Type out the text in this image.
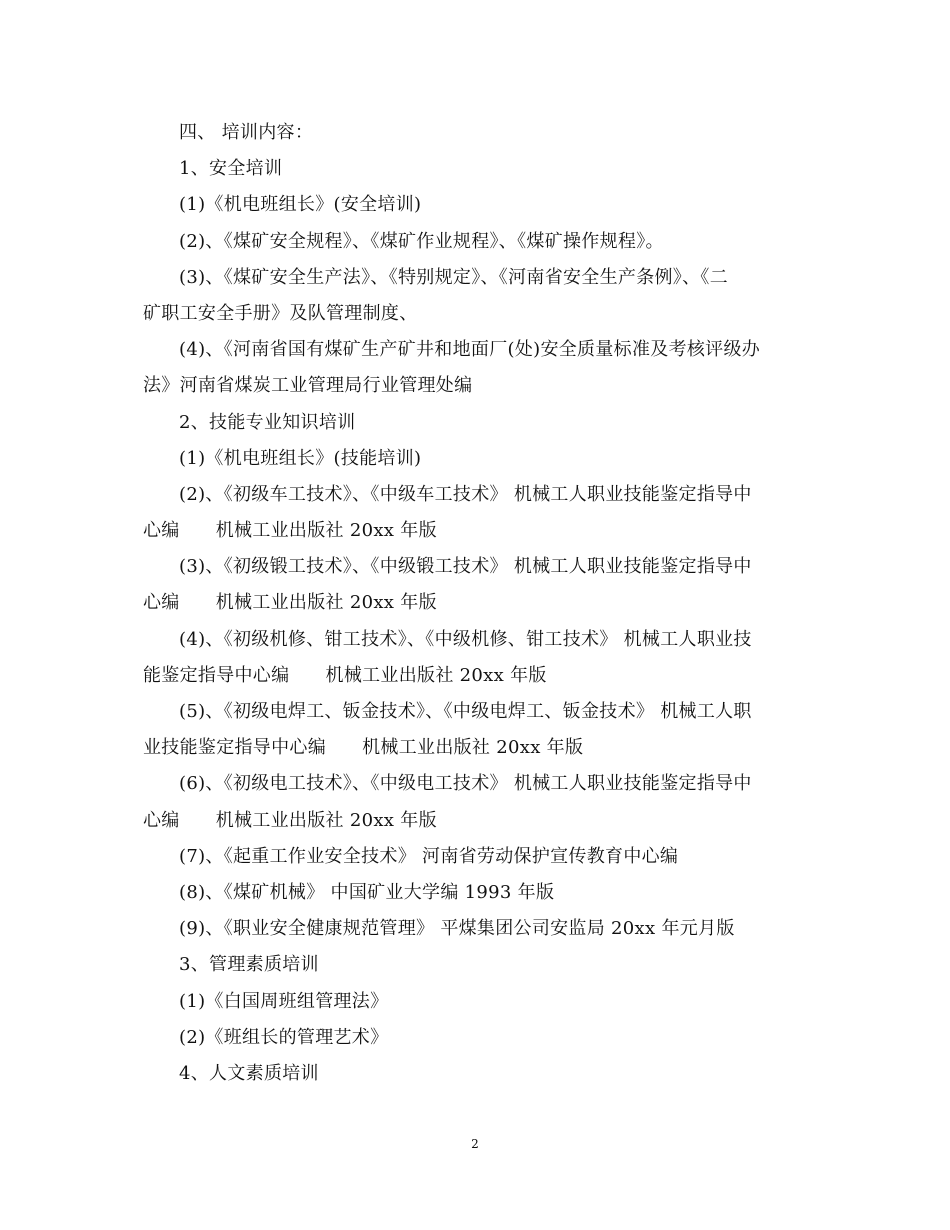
四、 培训内容：
1、安全培训
(1)《机电班组长》(安全培训)
(2)、《煤矿安全规程》、《煤矿作业规程》、《煤矿操作规程》。
(3)、《煤矿安全生产法》、《特别规定》、《河南省安全生产条例》、《二
矿职工安全手册》及队管理制度、
(4)、《河南省国有煤矿生产矿井和地面厂(处)安全质量标准及考核评级办
法》河南省煤炭工业管理局行业管理处编
2、技能专业知识培训
(1)《机电班组长》(技能培训)
(2)、《初级车工技术》、《中级车工技术》 机械工人职业技能鉴定指导中
心编      机械工业出版社 20xx 年版
(3)、《初级锻工技术》、《中级锻工技术》 机械工人职业技能鉴定指导中
心编      机械工业出版社 20xx 年版
(4)、《初级机修、钳工技术》、《中级机修、钳工技术》 机械工人职业技
能鉴定指导中心编      机械工业出版社 20xx 年版
(5)、《初级电焊工、钣金技术》、《中级电焊工、钣金技术》 机械工人职
业技能鉴定指导中心编      机械工业出版社 20xx 年版
(6)、《初级电工技术》、《中级电工技术》 机械工人职业技能鉴定指导中
心编      机械工业出版社 20xx 年版
(7)、《起重工作业安全技术》 河南省劳动保护宣传教育中心编
(8)、《煤矿机械》 中国矿业大学编 1993 年版
(9)、《职业安全健康规范管理》 平煤集团公司安监局 20xx 年元月版
3、管理素质培训
(1)《白国周班组管理法》
(2)《班组长的管理艺术》
4、人文素质培训
2
